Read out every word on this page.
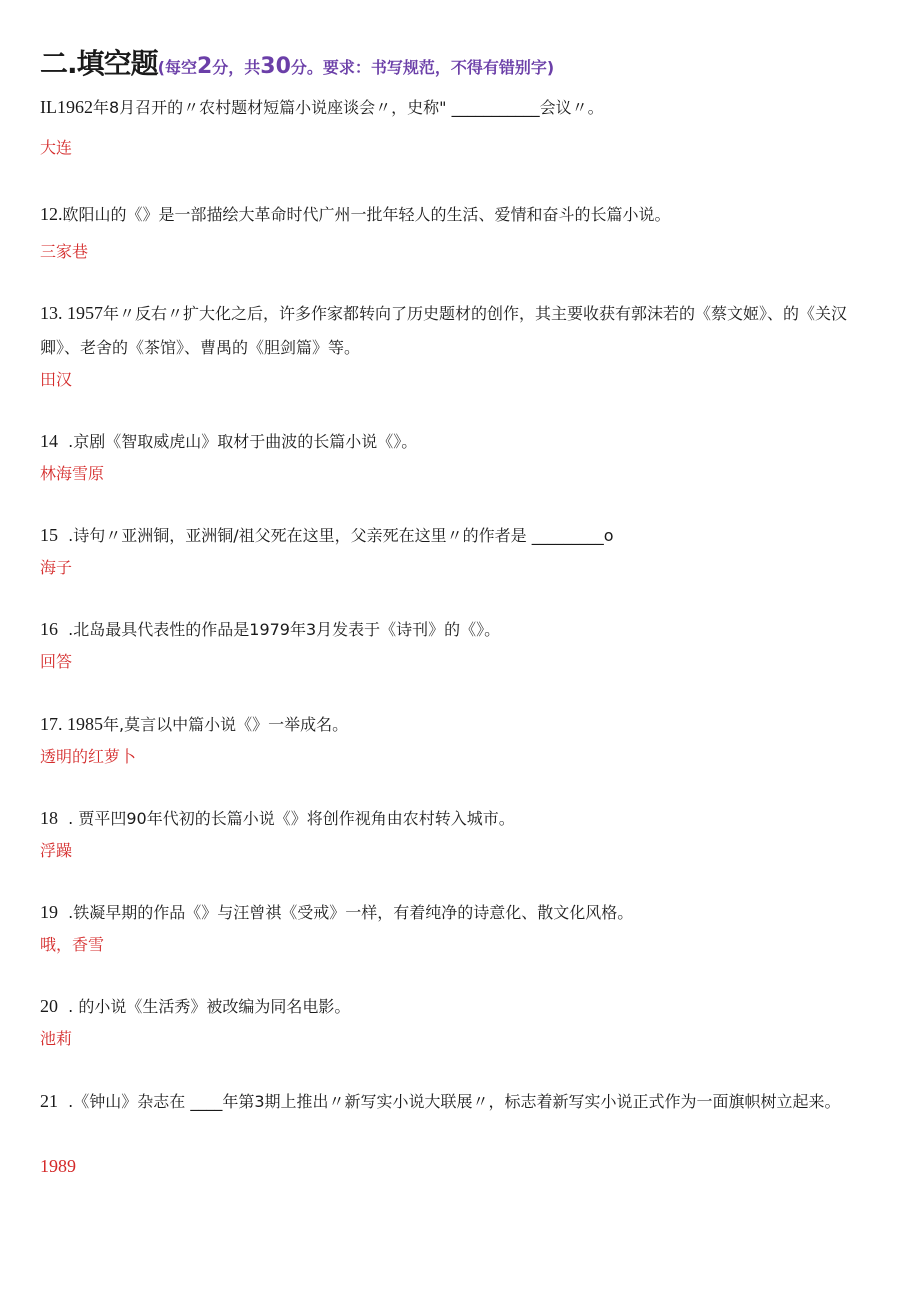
二.填空题(每空2分，共30分。要求：书写规范，不得有错别字)
IL1962年8月召开的〃农村题材短篇小说座谈会〃，史称" ___________会议〃。
大连
12.欧阳山的《》是一部描绘大革命时代广州一批年轻人的生活、爱情和奋斗的长篇小说。
三家巷
13. 1957年〃反右〃扩大化之后，许多作家都转向了历史题材的创作，其主要收获有郭沫若的《蔡文姬》、的《关汉卿》、老舍的《茶馆》、曹禺的《胆剑篇》等。
田汉
14  .京剧《智取威虎山》取材于曲波的长篇小说《》。
林海雪原
15  .诗句〃亚洲铜，亚洲铜/祖父死在这里，父亲死在这里〃的作者是 _________o
海子
16  .北岛最具代表性的作品是1979年3月发表于《诗刊》的《》。
回答
17. 1985年,莫言以中篇小说《》一举成名。
透明的红萝卜
18  . 贾平凹90年代初的长篇小说《》将创作视角由农村转入城市。
浮躁
19  .铁凝早期的作品《》与汪曾祺《受戒》一样，有着纯净的诗意化、散文化风格。
哦，香雪
20  . 的小说《生活秀》被改编为同名电影。
池莉
21  .《钟山》杂志在 ____年第3期上推出〃新写实小说大联展〃，标志着新写实小说正式作为一面旗帜树立起来。
1989
